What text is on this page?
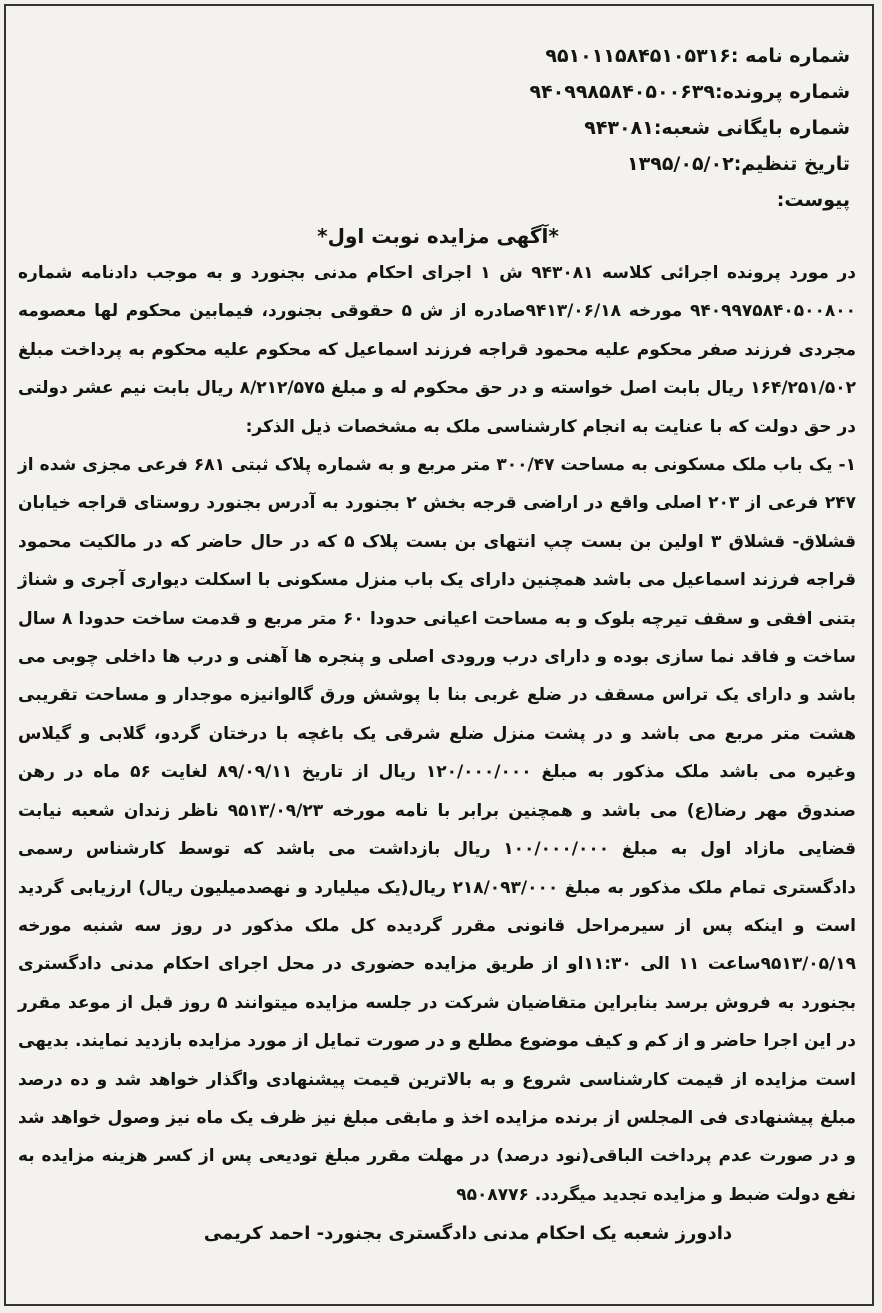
شماره نامه :۹۵۱۰۱۱۵۸۴۵۱۰۵۳۱۶
شماره پرونده:۹۴۰۹۹۸۵۸۴۰۵۰۰۶۳۹
شماره بایگانی شعبه:۹۴۳۰۸۱
تاریخ تنظیم:۱۳۹۵/۰۵/۰۲
پیوست:
*آگهی مزایده نوبت اول*

در مورد پرونده اجرائی کلاسه ۹۴۳۰۸۱ ش ۱ اجرای احکام مدنی بجنورد و به موجب دادنامه شماره ۹۴۰۹۹۷۵۸۴۰۵۰۰۸۰۰ مورخه ۹۴۱۳/۰۶/۱۸صادره از ش ۵ حقوقی بجنورد، فیمابین محکوم لها معصومه مجردی فرزند صفر محکوم علیه محمود قراجه فرزند اسماعیل که محکوم علیه محکوم به پرداخت مبلغ ۱۶۴/۲۵۱/۵۰۲ ریال بابت اصل خواسته و در حق محکوم له و مبلغ ۸/۲۱۲/۵۷۵ ریال بابت نیم عشر دولتی در حق دولت که با عنایت به انجام کارشناسی ملک به مشخصات ذیل الذکر:

۱- یک باب ملک مسکونی به مساحت ۳۰۰/۴۷ متر مربع و به شماره پلاک ثبتی ۶۸۱ فرعی مجزی شده از ۲۴۷ فرعی از ۲۰۳ اصلی واقع در اراضی قرجه بخش ۲ بجنورد به آدرس بجنورد روستای قراجه خیابان قشلاق- قشلاق ۳ اولین بن بست چپ انتهای بن بست پلاک ۵ که در حال حاضر که در مالکیت محمود قراجه فرزند اسماعیل می باشد همچنین دارای یک باب منزل مسکونی با اسکلت دیواری آجری و شناژ بتنی افقی و سقف تیرچه بلوک و به مساحت اعیانی حدودا ۶۰ متر مربع و قدمت ساخت حدودا ۸ سال ساخت و فاقد نما سازی بوده و دارای درب ورودی اصلی و پنجره ها آهنی و درب ها داخلی چوبی می باشد و دارای یک تراس مسقف در ضلع غربی بنا با پوشش ورق گالوانیزه موجدار و مساحت تقریبی هشت متر مربع می باشد و در پشت منزل ضلع شرقی یک باغچه با درختان گردو، گلابی و گیلاس وغیره می باشد ملک مذکور به مبلغ ۱۲۰/۰۰۰/۰۰۰ ریال از تاریخ ۸۹/۰۹/۱۱ لغایت ۵۶ ماه در رهن صندوق مهر رضا(ع) می باشد و همچنین برابر با نامه مورخه ۹۵۱۳/۰۹/۲۳ ناظر زندان شعبه نیابت قضایی مازاد اول به مبلغ ۱۰۰/۰۰۰/۰۰۰ ریال بازداشت می باشد که توسط کارشناس رسمی دادگستری تمام ملک مذکور به مبلغ ۲۱۸/۰۹۳/۰۰۰ ریال(یک میلیارد و نهصدمیلیون ریال) ارزیابی گردید است و اینکه پس از سیرمراحل قانونی مقرر گردیده کل ملک مذکور در روز سه شنبه مورخه ۹۵۱۳/۰۵/۱۹ساعت ۱۱ الی ۱۱:۳۰او از طریق مزایده حضوری در محل اجرای احکام مدنی دادگستری بجنورد به فروش برسد بنابراین متقاضیان شرکت در جلسه مزایده میتوانند ۵ روز قبل از موعد مقرر در این اجرا حاضر و از کم و کیف موضوع مطلع و در صورت تمایل از مورد مزایده بازدید نمایند. بدیهی است مزایده از قیمت کارشناسی شروع و به بالاترین قیمت پیشنهادی واگذار خواهد شد و ده درصد مبلغ پیشنهادی فی المجلس از برنده مزایده اخذ و مابقی مبلغ نیز ظرف یک ماه نیز وصول خواهد شد و در صورت عدم پرداخت الباقی(نود درصد) در مهلت مقرر مبلغ تودیعی پس از کسر هزینه مزایده به نفع دولت ضبط و مزایده تجدید میگردد. ۹۵۰۸۷۷۶

دادورز شعبه یک احکام مدنی دادگستری بجنورد- احمد کریمی
